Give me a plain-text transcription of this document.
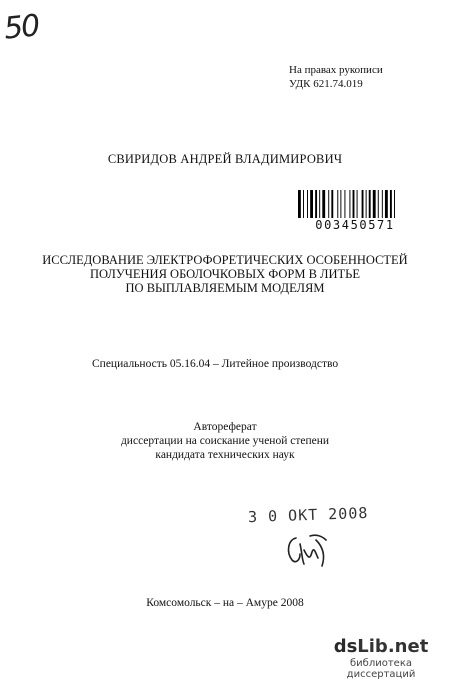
50
На правах рукописи
УДК 621.74.019
СВИРИДОВ АНДРЕЙ ВЛАДИМИРОВИЧ
003450571
ИССЛЕДОВАНИЕ ЭЛЕКТРОФОРЕТИЧЕСКИХ ОСОБЕННОСТЕЙ
ПОЛУЧЕНИЯ ОБОЛОЧКОВЫХ ФОРМ В ЛИТЬЕ
ПО ВЫПЛАВЛЯЕМЫМ МОДЕЛЯМ
Специальность 05.16.04 – Литейное производство
Автореферат
диссертации на соискание ученой степени
кандидата технических наук
3 0 ОКТ 2008
Комсомольск – на – Амуре 2008
dsLib.net
библиотека диссертаций
